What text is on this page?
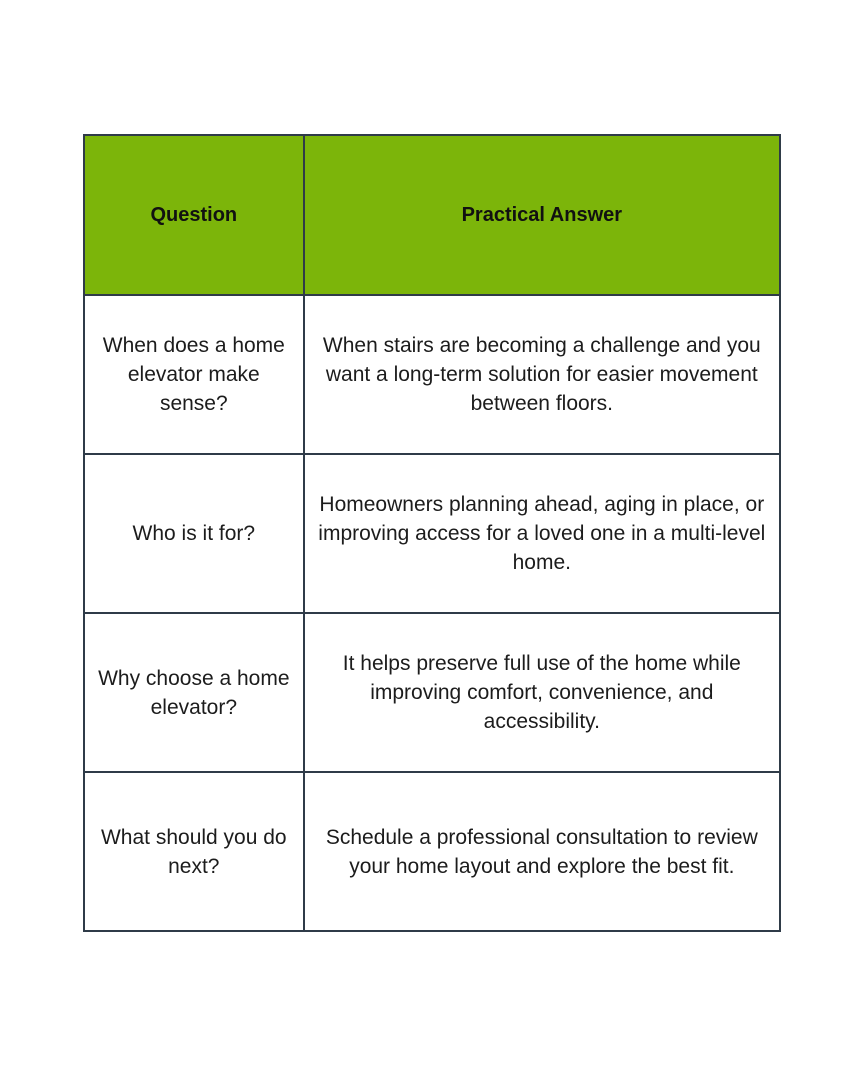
Question	Practical Answer
When does a home elevator make sense?	When stairs are becoming a challenge and you want a long-term solution for easier movement between floors.
Who is it for?	Homeowners planning ahead, aging in place, or improving access for a loved one in a multi-level home.
Why choose a home elevator?	It helps preserve full use of the home while improving comfort, convenience, and accessibility.
What should you do next?	Schedule a professional consultation to review your home layout and explore the best fit.
